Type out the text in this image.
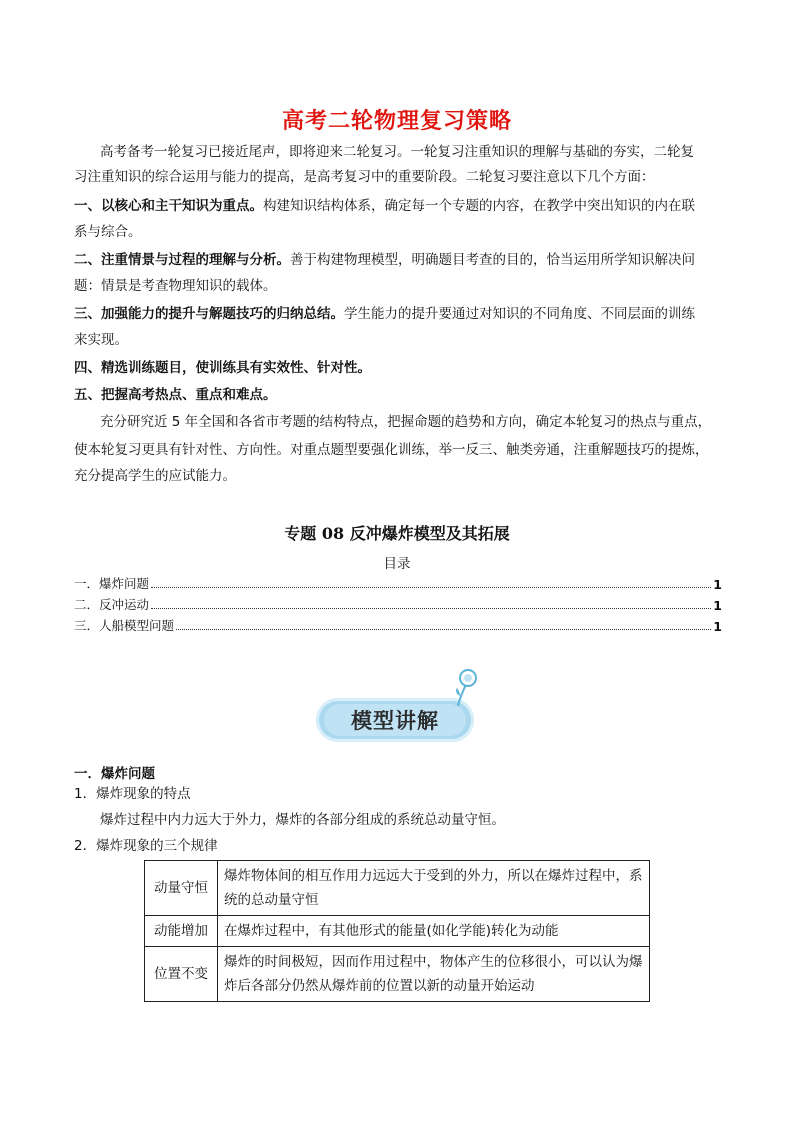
高考二轮物理复习策略
高考备考一轮复习已接近尾声，即将迎来二轮复习。一轮复习注重知识的理解与基础的夯实，二轮复
习注重知识的综合运用与能力的提高，是高考复习中的重要阶段。二轮复习要注意以下几个方面：
一、以核心和主干知识为重点。构建知识结构体系，确定每一个专题的内容，在教学中突出知识的内在联
系与综合。
二、注重情景与过程的理解与分析。善于构建物理模型，明确题目考查的目的，恰当运用所学知识解决问
题：情景是考查物理知识的载体。
三、加强能力的提升与解题技巧的归纳总结。学生能力的提升要通过对知识的不同角度、不同层面的训练
来实现。
四、精选训练题目，使训练具有实效性、针对性。
五、把握高考热点、重点和难点。
充分研究近 5 年全国和各省市考题的结构特点，把握命题的趋势和方向，确定本轮复习的热点与重点，
使本轮复习更具有针对性、方向性。对重点题型要强化训练，举一反三、触类旁通，注重解题技巧的提炼，
充分提高学生的应试能力。
专题 08 反冲爆炸模型及其拓展
目录
一．爆炸问题	1
二．反冲运动	1
三．人船模型问题	1
模型讲解
一．爆炸问题
1．爆炸现象的特点
爆炸过程中内力远大于外力，爆炸的各部分组成的系统总动量守恒。
2．爆炸现象的三个规律
动量守恒	爆炸物体间的相互作用力远远大于受到的外力，所以在爆炸过程中，系统的总动量守恒
动能增加	在爆炸过程中，有其他形式的能量(如化学能)转化为动能
位置不变	爆炸的时间极短，因而作用过程中，物体产生的位移很小，可以认为爆炸后各部分仍然从爆炸前的位置以新的动量开始运动
